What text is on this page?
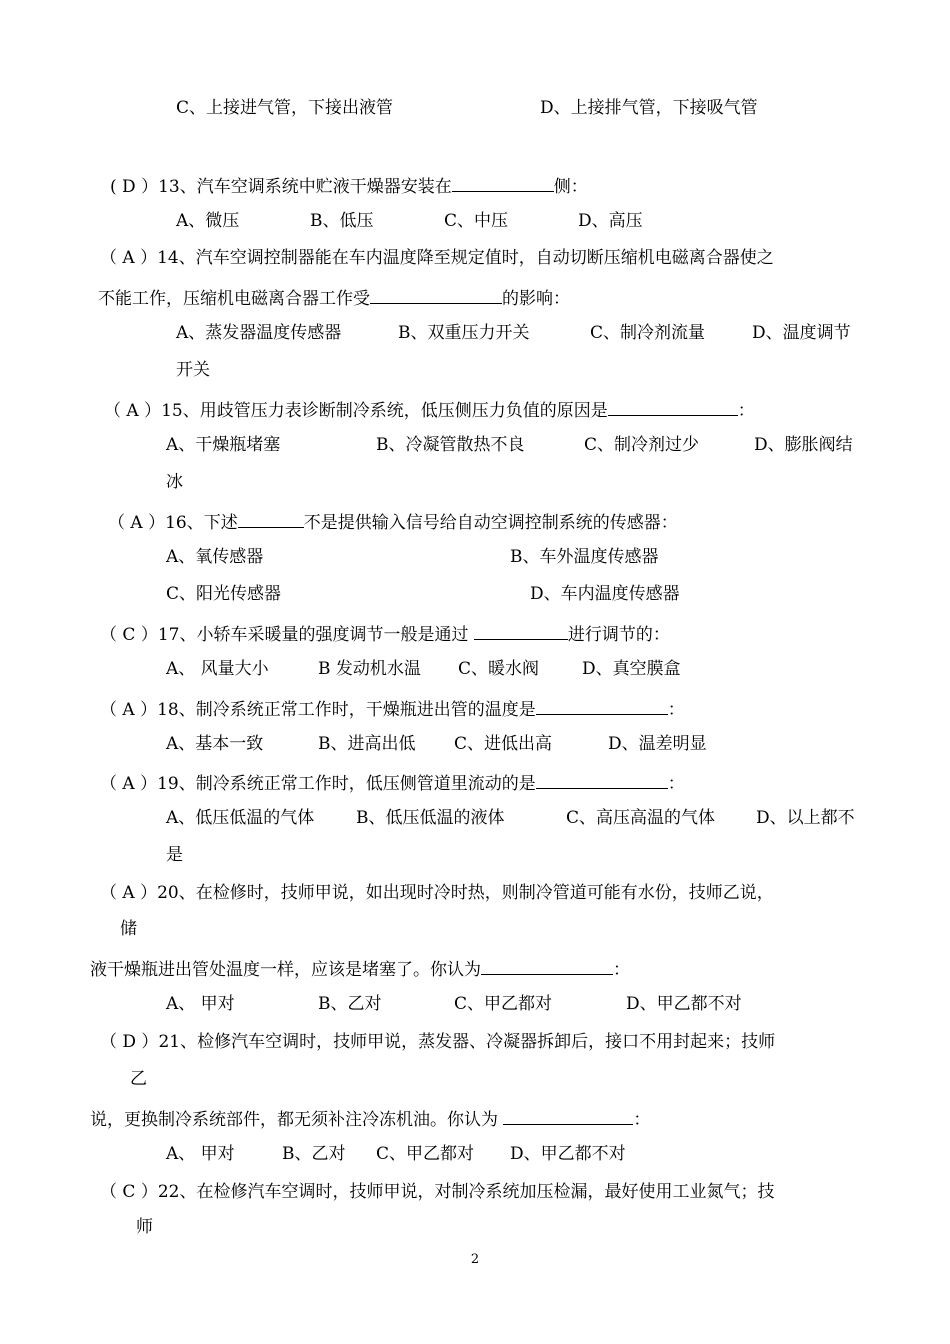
C、上接进气管，下接出液管	D、上接排气管，下接吸气管
( D ）13、汽车空调系统中贮液干燥器安装在	侧：
A、微压	B、低压	C、中压	D、高压
（ A ）14、汽车空调控制器能在车内温度降至规定值时，自动切断压缩机电磁离合器使之
不能工作，压缩机电磁离合器工作受	的影响：
A、蒸发器温度传感器	B、双重压力开关	C、制冷剂流量	D、温度调节
开关
（ A ）15、用歧管压力表诊断制冷系统，低压侧压力负值的原因是	：
A、干燥瓶堵塞	B、冷凝管散热不良	C、制冷剂过少	D、膨胀阀结
冰
（ A ）16、下述	不是提供输入信号给自动空调控制系统的传感器：
A、氧传感器	B、车外温度传感器
C、阳光传感器	D、车内温度传感器
（ C ）17、小轿车采暖量的强度调节一般是通过	进行调节的：
A、 风量大小	B 发动机水温 C、暖水阀	D、真空膜盒
（ A ）18、制冷系统正常工作时，干燥瓶进出管的温度是	：
A、基本一致	B、进高出低 C、进低出高	D、温差明显
（ A ）19、制冷系统正常工作时，低压侧管道里流动的是	：
A、低压低温的气体 B、低压低温的液体	C、高压高温的气体 D、以上都不
是
（ A ）20、在检修时，技师甲说，如出现时冷时热，则制冷管道可能有水份，技师乙说，
储
液干燥瓶进出管处温度一样，应该是堵塞了。你认为	：
A、 甲对	B、乙对	C、甲乙都对	D、甲乙都不对
（ D ）21、检修汽车空调时，技师甲说，蒸发器、冷凝器拆卸后，接口不用封起来；技师
乙
说，更换制冷系统部件，都无须补注冷冻机油。你认为	：
A、 甲对	B、乙对 C、甲乙都对 D、甲乙都不对
（ C ）22、在检修汽车空调时，技师甲说，对制冷系统加压检漏，最好使用工业氮气；技
师
2
